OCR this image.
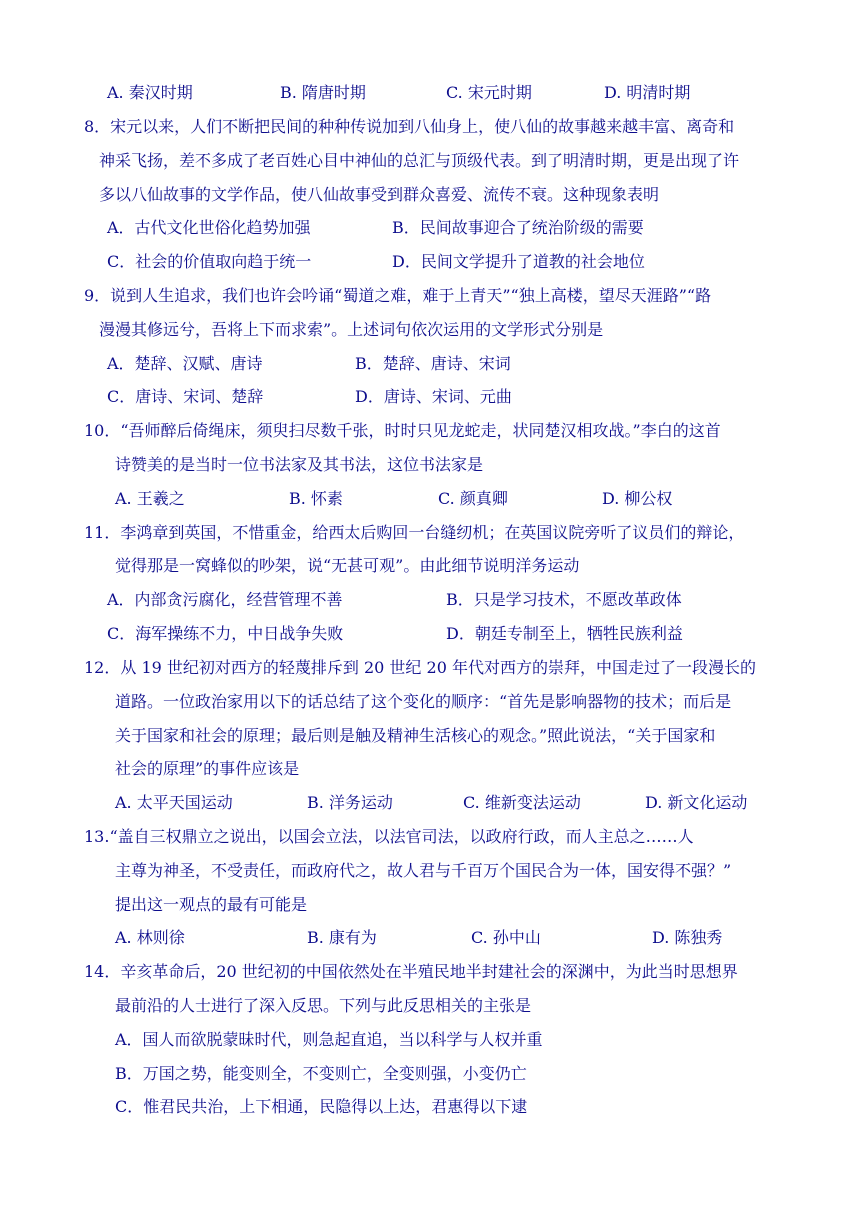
A. 秦汉时期	B. 隋唐时期	C. 宋元时期	D. 明清时期
8．宋元以来，人们不断把民间的种种传说加到八仙身上，使八仙的故事越来越丰富、离奇和
神采飞扬，差不多成了老百姓心目中神仙的总汇与顶级代表。到了明清时期，更是出现了许
多以八仙故事的文学作品，使八仙故事受到群众喜爱、流传不衰。这种现象表明
A．古代文化世俗化趋势加强	B．民间故事迎合了统治阶级的需要
C．社会的价值取向趋于统一	D．民间文学提升了道教的社会地位
9．说到人生追求，我们也许会吟诵“蜀道之难，难于上青天”“独上高楼，望尽天涯路”“路
漫漫其修远兮，吾将上下而求索”。上述词句依次运用的文学形式分别是
A．楚辞、汉赋、唐诗	B．楚辞、唐诗、宋词
C．唐诗、宋词、楚辞	D．唐诗、宋词、元曲
10．“吾师醉后倚绳床，须臾扫尽数千张，时时只见龙蛇走，状同楚汉相攻战。”李白的这首
诗赞美的是当时一位书法家及其书法，这位书法家是
A. 王羲之	B. 怀素	C. 颜真卿	D. 柳公权
11．李鸿章到英国，不惜重金，给西太后购回一台缝纫机；在英国议院旁听了议员们的辩论，
觉得那是一窝蜂似的吵架，说“无甚可观”。由此细节说明洋务运动
A．内部贪污腐化，经营管理不善	B．只是学习技术，不愿改革政体
C．海军操练不力，中日战争失败	D．朝廷专制至上，牺牲民族利益
12．从 19 世纪初对西方的轻蔑排斥到 20 世纪 20 年代对西方的崇拜，中国走过了一段漫长的
道路。一位政治家用以下的话总结了这个变化的顺序：“首先是影响器物的技术；而后是
关于国家和社会的原理；最后则是触及精神生活核心的观念。”照此说法，“关于国家和
社会的原理”的事件应该是
A. 太平天国运动	B. 洋务运动	C. 维新变法运动	D. 新文化运动
13.“盖自三权鼎立之说出，以国会立法，以法官司法，以政府行政，而人主总之……人
主尊为神圣，不受责任，而政府代之，故人君与千百万个国民合为一体，国安得不强？”
提出这一观点的最有可能是
A. 林则徐	B. 康有为	C. 孙中山	D. 陈独秀
14．辛亥革命后，20 世纪初的中国依然处在半殖民地半封建社会的深渊中，为此当时思想界
最前沿的人士进行了深入反思。下列与此反思相关的主张是
A．国人而欲脱蒙昧时代，则急起直追，当以科学与人权并重
B．万国之势，能变则全，不变则亡，全变则强，小变仍亡
C．惟君民共治，上下相通，民隐得以上达，君惠得以下逮
